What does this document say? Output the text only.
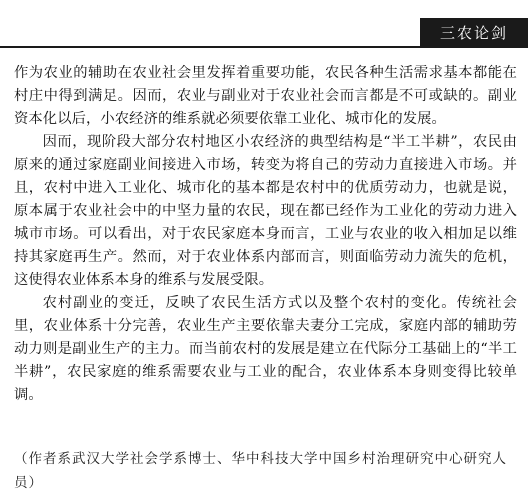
三农论剑

作为农业的辅助在农业社会里发挥着重要功能，农民各种生活需求基本都能在村庄中得到满足。因而，农业与副业对于农业社会而言都是不可或缺的。副业资本化以后，小农经济的维系就必须要依靠工业化、城市化的发展。

因而，现阶段大部分农村地区小农经济的典型结构是“半工半耕”，农民由原来的通过家庭副业间接进入市场，转变为将自己的劳动力直接进入市场。并且，农村中进入工业化、城市化的基本都是农村中的优质劳动力，也就是说，原本属于农业社会中的中坚力量的农民，现在都已经作为工业化的劳动力进入城市市场。可以看出，对于农民家庭本身而言，工业与农业的收入相加足以维持其家庭再生产。然而，对于农业体系内部而言，则面临劳动力流失的危机，这使得农业体系本身的维系与发展受限。

农村副业的变迁，反映了农民生活方式以及整个农村的变化。传统社会里，农业体系十分完善，农业生产主要依靠夫妻分工完成，家庭内部的辅助劳动力则是副业生产的主力。而当前农村的发展是建立在代际分工基础上的“半工半耕”，农民家庭的维系需要农业与工业的配合，农业体系本身则变得比较单调。

（作者系武汉大学社会学系博士、华中科技大学中国乡村治理研究中心研究人员）
